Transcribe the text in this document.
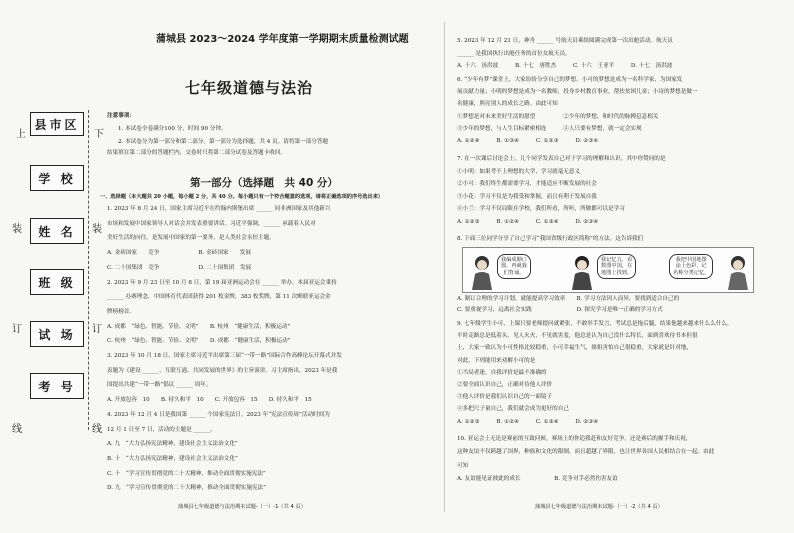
上	下
县市区
学 校
姓 名
班 级
试 场
考 号
装	装
订	订
线	线
蒲城县 2023～2024 学年度第一学期期末质量检测试题
七年级道德与法治
注意事项：
1. 本试卷全卷满分100 分，时间 90 分钟。
2. 本试卷分为第一部分和第二部分。第一部分为选择题，共 4 页。请将第一部分答题
结果填在第二部分的答题栏内，交卷时只将第二部分试卷及答题卡收回。
第一部分（选择题　共 40 分）
一、选择题（本大题共 20 小题，每小题 2 分，共 40 分。每小题只有一个符合题意的选项，请将正确选项的序号选出来）
1. 2023 年 8 月 24 日，国家主席习近平在约翰内斯堡出席 ______ 同非洲国家及其他新兴
市场和发展中国家领导人对话会并发表重要讲话。习近平强调，______ 承载着人民对
美好生活的向往，是发展中国家的第一要务，是人类社会永恒主题。
A. 金砖国家　　竞争　　　　　　　B. 金砖国家　　发展
C. 二十国集团　竞争　　　　　　　D. 二十国集团　发展
2. 2023 年 9 月 23 日至 10 月 8 日，第 19 届亚洲运动会在 ______ 举办。本届亚运会秉持
______ 办赛理念，中国体育代表团获得 201 枚金牌，383 枚奖牌，第 11 次蝉联亚运会金
牌榜榜首。
A. 成都　“绿色、智能、节俭、文明”　　B. 杭州　“健康生活，积极运动”
C. 杭州　“绿色、智能、节俭、文明”　　D. 成都　“健康生活，积极运动”
3. 2023 年 10 月 18 日，国家主席习近平出席第三届“一带一路”国际合作高峰论坛开幕式并发
表题为《建设 ______、互联互通、共同发展的世界》的主旨演讲。习主席指出，2023 年是我
国提出共建“一带一路”倡议 ______ 周年。
A. 开放包容　10　　B. 持久和平　10　　C. 开放包容　15　　D. 持久和平　15
4. 2023 年 12 月 4 日是我国第 ______ 个国家宪法日。2023 年“宪法宣传周”活动时间为
12 月 1 日至 7 日，活动的主题是 ______。
A. 九　“大力弘扬宪法精神，建设社会主义法治文化”
B. 十　“大力弘扬宪法精神，建设社会主义法治文化”
C. 十　“学习宣传贯彻党的二十大精神，推动全面贯彻实施宪法”
D. 九　“学习宣传贯彻党的二十大精神，推动全面贯彻实施宪法”
5. 2023 年 12 月 21 日，神舟 ______ 号航天员乘组圆满完成第一次出舱活动。航天员
______ 是我国执行出舱任务的首位女航天员。
A. 十六　汤洪波　　　B. 十七　唐胜杰　　　C. 十六　王亚平　　　D. 十七　汤洪波
6. “少年有梦”课堂上，大家纷纷分享自己的梦想。小可的梦想是成为一名科学家，为国家发
展贡献力量；小明的梦想是成为一名教师，投身乡村教育事业，帮扶贫困儿童；小诗的梦想是做一
名健康，照亮别人的成长之路。由此可知
①梦想是对未来美好生活的愿望　　　　　②少年的梦想，和时代的脉搏息息相关
③少年的梦想，与人生目标紧密相连　　　④人只要有梦想，就一定会实现
A. ①②④　　　B. ①③④　　　C. ①②③　　　D. ②③④
7. 在一次课后讨论会上，几个同学发表自己对于学习的理解和认识。其中你赞同的是
①小明：如果考不上理想的大学，学习就毫无意义
②小可：我们终生都需要学习，才能适应不断发展的社会
③小花：学习不仅是为我受和掌握，而且有利于发展自我
④小兰：学习不仅局限在学校，我们所看，所听，所做都可以是学习
A. ①②③　　　B. ①②④　　　C. ①③④　　　D. ②③④
8. 下面三位同学分享了自己学习“我国省级行政区简称”的方法。这告诉我们
我编成顺口
溜，再就我
们背诵。
我记忆力，看
数图中国，在
地图上找到。
我把中国地图
涂上色彩，记
名称分类记忆。
A. 制订合理的学习计划，就能提高学习效率　　B. 学习方法因人而异，要找到适合自己的
C. 要重视学习，远离社会实践　　　　　　　　D. 探究学习是唯一正确的学习方式
9. 七年级学生小可，上课只要老师提问就紧张，不敢举手发言，考试总是拖后腿，结果他越来越来什么么什么，
平时走路总是低着头，见人火火，不见就害羞，他总是认为自己没什么特长，面到喜欢待书本但很
上，大家一致认为小可性格比较稳重，小可幸福生气，姐姐害怕自己很稳重，大家就是针对地，
对此，下列能用来劝解小可的是
①当局者迷，自我评价是最不准确的
②要全面认识自己，正确对待他人评价
③他人评价是我们认识自己的一面镜子
④多把尺子量自己，我们就会成为更好的自己
A. ①②③　　　B. ①②④　　　C. ①③④　　　D. ②③④
10. 亚运会上无论是赛前的互致问候，赛场上的你追我赶和友好竞争，还是赛后的握手和庆祝，
这种友谊不仅跨越了国界，种族和文化的限制，而且超越了界限，也让世界各国人民相结合在一起。由此
可知
A. 友谊能见证彼此的成长　　　　　　B. 竞争对手必然伤害友谊
蒲城县七年级道德与法治期末试题-（一）-1（共 4 页）	蒲城县七年级道德与法治期末试题-（一）-2（共 4 页）
